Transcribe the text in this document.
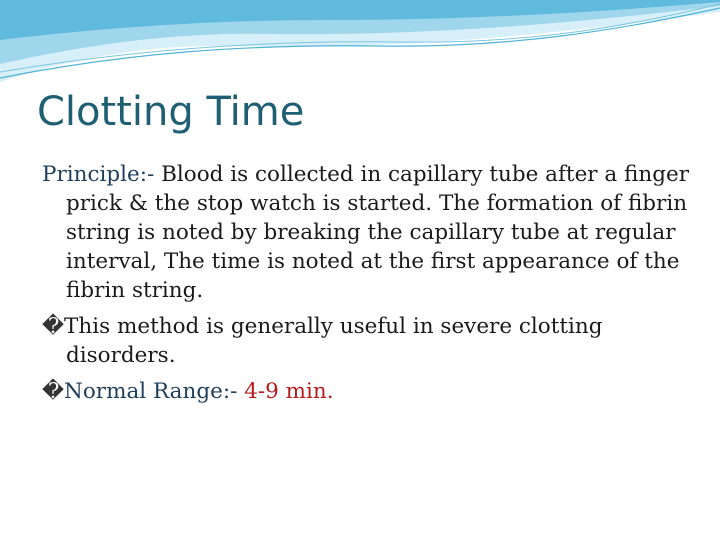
Clotting Time

Principle:- Blood is collected in capillary tube after a finger prick & the stop watch is started. The formation of fibrin string is noted by breaking the capillary tube at regular interval, The time is noted at the first appearance of the fibrin string.

�This method is generally useful in severe clotting disorders.

�Normal Range:- 4-9 min.
